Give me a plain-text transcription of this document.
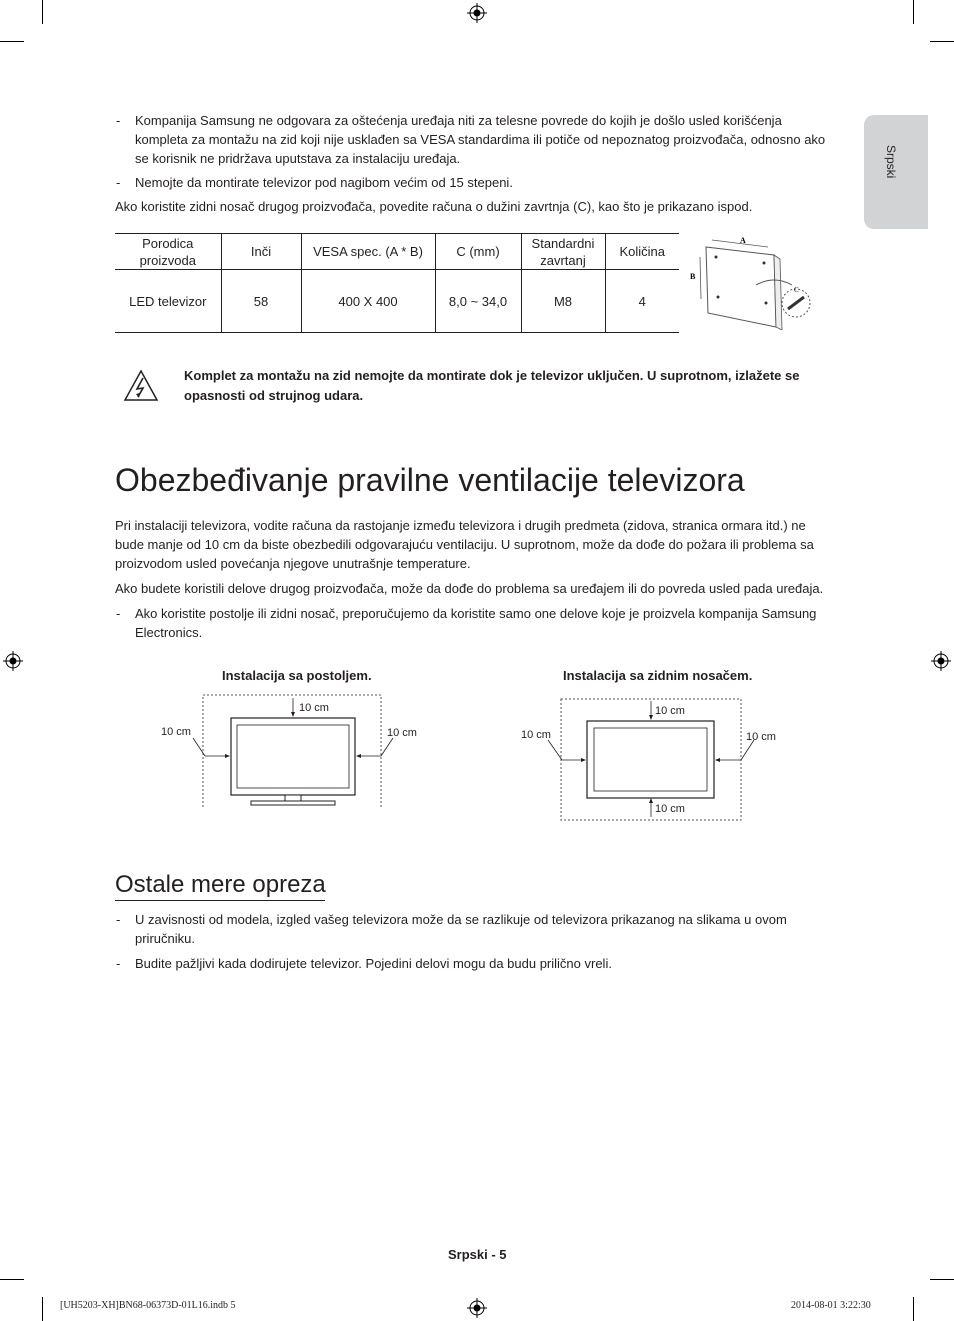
Srpski
- Kompanija Samsung ne odgovara za oštećenja uređaja niti za telesne povrede do kojih je došlo usled korišćenja kompleta za montažu na zid koji nije usklađen sa VESA standardima ili potiče od nepoznatog proizvođača, odnosno ako se korisnik ne pridržava uputstava za instalaciju uređaja.
- Nemojte da montirate televizor pod nagibom većim od 15 stepeni.
Ako koristite zidni nosač drugog proizvođača, povedite računa o dužini zavrtnja (C), kao što je prikazano ispod.
Porodica proizvoda	Inči	VESA spec. (A * B)	C (mm)	Standardni zavrtanj	Količina
LED televizor	58	400 X 400	8,0 ~ 34,0	M8	4
A
B
C
Komplet za montažu na zid nemojte da montirate dok je televizor uključen. U suprotnom, izlažete se opasnosti od strujnog udara.
Obezbeđivanje pravilne ventilacije televizora
Pri instalaciji televizora, vodite računa da rastojanje između televizora i drugih predmeta (zidova, stranica ormara itd.) ne bude manje od 10 cm da biste obezbedili odgovarajuću ventilaciju. U suprotnom, može da dođe do požara ili problema sa proizvodom usled povećanja njegove unutrašnje temperature.
Ako budete koristili delove drugog proizvođača, može da dođe do problema sa uređajem ili do povreda usled pada uređaja.
- Ako koristite postolje ili zidni nosač, preporučujemo da koristite samo one delove koje je proizvela kompanija Samsung Electronics.
Instalacija sa postoljem.
10 cm
10 cm	10 cm
Instalacija sa zidnim nosačem.
10 cm
10 cm
10 cm	10 cm
Ostale mere opreza
- U zavisnosti od modela, izgled vašeg televizora može da se razlikuje od televizora prikazanog na slikama u ovom priručniku.
- Budite pažljivi kada dodirujete televizor. Pojedini delovi mogu da budu prilično vreli.
Srpski - 5
[UH5203-XH]BN68-06373D-01L16.indb 5	2014-08-01 3:22:30
